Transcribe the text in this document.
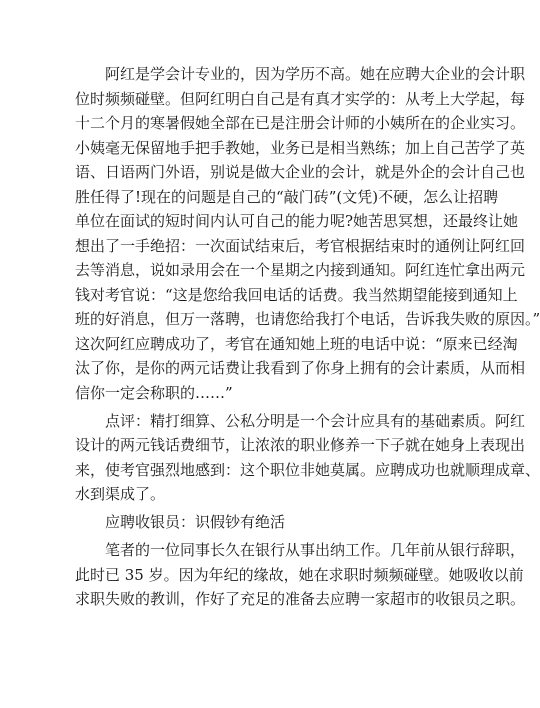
阿红是学会计专业的，因为学历不高。她在应聘大企业的会计职
位时频频碰壁。但阿红明白自己是有真才实学的：从考上大学起，每
十二个月的寒暑假她全部在已是注册会计师的小姨所在的企业实习。
小姨毫无保留地手把手教她，业务已是相当熟练；加上自己苦学了英
语、日语两门外语，别说是做大企业的会计，就是外企的会计自己也
胜任得了!现在的问题是自己的“敲门砖”(文凭)不硬，怎么让招聘
单位在面试的短时间内认可自己的能力呢?她苦思冥想，还最终让她
想出了一手绝招：一次面试结束后，考官根据结束时的通例让阿红回
去等消息，说如录用会在一个星期之内接到通知。阿红连忙拿出两元
钱对考官说：“这是您给我回电话的话费。我当然期望能接到通知上
班的好消息，但万一落聘，也请您给我打个电话，告诉我失败的原因。”
这次阿红应聘成功了，考官在通知她上班的电话中说：“原来已经淘
汰了你，是你的两元话费让我看到了你身上拥有的会计素质，从而相
信你一定会称职的……”
点评：精打细算、公私分明是一个会计应具有的基础素质。阿红
设计的两元钱话费细节，让浓浓的职业修养一下子就在她身上表现出
来，使考官强烈地感到：这个职位非她莫属。应聘成功也就顺理成章、
水到渠成了。
应聘收银员：识假钞有绝活
笔者的一位同事长久在银行从事出纳工作。几年前从银行辞职，
此时已 35 岁。因为年纪的缘故，她在求职时频频碰壁。她吸收以前
求职失败的教训，作好了充足的准备去应聘一家超市的收银员之职。
